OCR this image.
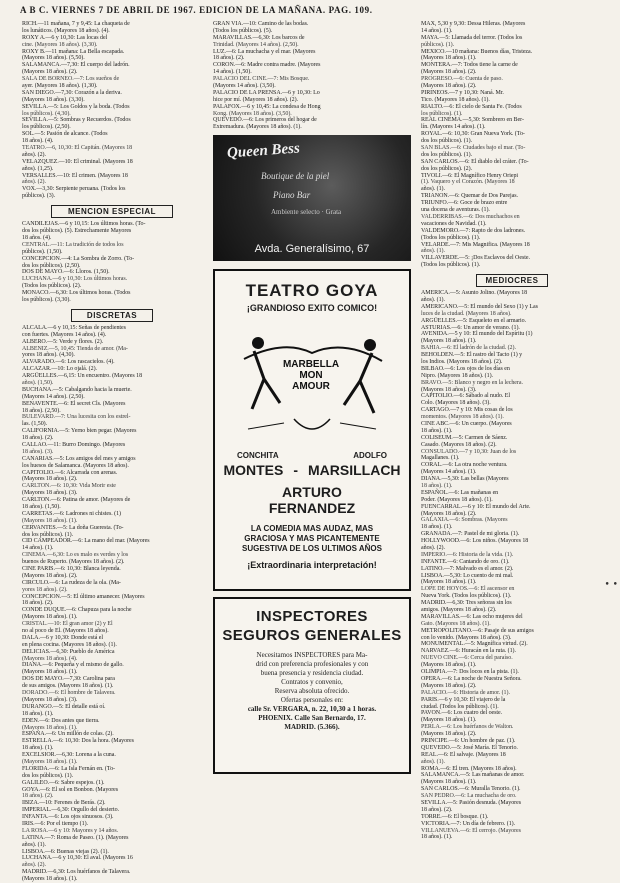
A B C. VIERNES 7 DE ABRIL DE 1967. EDICION DE LA MAÑANA. PAG. 109.
RICH.—11 mañana, 7 y 9,45: La chaqueta de
los lunáticos. (Mayores 18 años). (4).
ROXY A.—6 y 10,30: Las locas del
cine. (Mayores 18 años). (3,30).
ROXY B.—11 mañana: La Bella escapada.
(Mayores 18 años). (5,50).
SALAMANCA.—7,30: El cuerpo del ladrón.
(Mayores 18 años). (2).
SALA DE BORNEO.—7: Los sueños de
ayer. (Mayores 18 años). (1,30).
SAN DIEGO.—7,30: Corazón a la deriva.
(Mayores 18 años). (3,30).
SEVILLA.—5: Los Goldos y la boda. (Todos
los públicos). (4,30).
SEVILLA.—5: Sombras y Recuerdos. (Todos
los públicos). (2,50).
SOL.—5: Pasión de alcance. (Todos
18 años). (4).
TEATRO.—6, 10,30: El Capitán. (Mayores 18
años). (2).
VELAZQUEZ.—10: El criminal. (Mayores 18
años). (1,25).
VERSALLES.—10: El crimen. (Mayores 18
años). (2).
VOX.—3,30: Serpiente peruana. (Todos los
públicos). (3).
MENCION ESPECIAL
CANDILEJAS.—6 y 10,15: Los últimos horas. (To-
dos los públicos). (5). Estrechamente Mayores
18 años. (4).
CENTRAL.—11: La tradición de todos los
públicos). (1,50).
CONCEPCION.—4: La Sombra de Zorro. (To-
dos los públicos). (2,50).
DOS DE MAYO.—6: Lloros. (1,50).
LUCHANA.—6 y 10,30: Los últimos horas.
(Todos los públicos). (2).
MONACO.—6,30: Los últimos horas. (Todos
los públicos). (3,30).
DISCRETAS
ALCALA.—6 y 10,15: Señas de pendientes
con fuertes. (Mayores 14 años). (4).
ALBERO.—5: Verde y flores. (2).
ALBENIZ.—5, 10,45: Tienda de amor. (Ma-
yores 18 años). (4,30).
ALVARADO.—6: Los rascacielos. (4).
ALCAZAR.—10: Lo ojalá. (2).
ARGÜELLES.—6,15: Un encuentro. (Mayores 18
años). (1,50).
BUCHANA.—5: Cabalgando hacia la muerte.
(Mayores 14 años). (2,50).
BENAVENTE.—6: El secret Cls. (Mayores
18 años). (2,50).
BULEVARD.—7: Una lucesita con los estrel-
las. (1,50).
CALIFORNIA.—5: Yerno bien pegar. (Mayores
18 años). (2).
CALLAO.—11: Burro Domingo. (Mayores
18 años). (3).
CANARIAS.—5: Los amigos del mes y amigos
los huesos de Salamanca. (Mayores 18 años).
CAPITOLIO.—6: Alcarrada con arenas.
(Mayores 18 años). (2).
CARLTON.—6: 10,30: Vida Morir este
(Mayores 18 años). (3).
CARLTON.—6: Patina de amor. (Mayores de
18 años). (1,50).
CARRETAS.—6: Ladrones ni chistes. (1)
(Mayores 18 años). (1).
CERVANTES.—5: La doña Gueresta. (To-
dos los públicos). (1).
CID CAMPEADOR.—6: La mano del mar. (Mayores
14 años). (1).
CINEMA.—6,30: Lo es malo es verdes y los
buenos de Ruperto. (Mayores 18 años). (2).
CINE PARIS.—6: 10,30: Blanca leyenda.
(Mayores 18 años). (2).
CIRCULO.—6: La rudeza de la ola. (Ma-
yores 18 años). (2).
CONCEPCION.—5: El último amanecer. (Mayores
18 años). (2).
CONDE DUQUE.—6: Chapuza para la noche
(Mayores 18 años). (1).
CRISTAL.—10: El gran amor (2) y El
no al poco de El. (Mayores 18 años).
DALA.—6 y 10,30: Donde está el
en plena cocina. (Mayores 18 años). (1).
DELICIAS.—6,30: Pueblo de América
(Mayores 18 años). (4).
DIANA.—6: Pequeña y el mismo de gallo.
(Mayores 18 años). (1).
DOS DE MAYO.—7,30: Carolina para
de sus amigos. (Mayores 18 años). (1).
DORADO.—6: El hombre de Talavera.
(Mayores 18 años). (3).
DURANGO.—5: El detalle está oí.
18 años). (1).
EDEN.—6: Dos antes que tierra.
(Mayores 18 años). (1).
ESPAÑA.—6: Un millón de colas. (2).
ESTRELLA.—6: 10,30: Dos la hora. (Mayores
18 años). (1).
EXCELSIOR.—6,30: Lorena a la cuna.
(Mayores 18 años). (1).
FLORIDA.—6: La Isla Fernán en. (To-
dos los públicos). (1).
GALILEO.—6: Sabre espejos. (1).
GOYA.—6: El sol en Bonbon. (Mayores
18 años). (2).
IBIZA.—10: Ferenes de Berás. (2).
IMPERIAL.—6,30: Orgullo del desierto.
INFANTA.—6: Los ojos sinuosos. (3).
IRIS.—6: Por el tiempo (1).
LA ROSA.—6 y 10: Mayores y 14 años.
LATINA.—7: Roma de Paseo. (1). (Mayores
años). (1).
LISBOA.—6: Buenas viejas (2). (1).
LUCHANA.—6 y 10,30: El aval. (Mayores 16
años). (2).
MADRID.—6,30: Los huérfanos de Talavera.
(Mayores 18 años). (1).
GRAN VIA.—10: Camino de las bodas.
(Todos los públicos). (5).
MARAVILLAS.—6,30: Los barcos de
Trinidad. (Mayores 14 años). (2,50).
LUZ.—6: La muchacha y el mar. (Mayores
18 años). (2).
CORON.—6: Madre contra madre. (Mayores
14 años). (1,50).
PALACIO DEL CINE.—7: Mis Bosque.
(Mayores 14 años). (3,50).
PALACIO DE LA PRENSA.—6 y 10,30: Lo
hice por mí. (Mayores 18 años). (2).
PALAFOX.—6 y 10,45: La condesa de Hong
Kong. (Mayores 18 años). (3,50).
QUEVEDO.—6: Los primeros del hogar de
Extremadura. (Mayores 18 años). (1).
Queen Bess
Boutique de la piel
Piano Bar
Ambiente selecto · Grata
Avda. Generalísimo, 67
TEATRO GOYA
¡GRANDIOSO EXITO COMICO!
MARBELLA
MON
AMOUR
CONCHITA	ADOLFO
MONTES - MARSILLACH
ARTURO
FERNANDEZ
LA COMEDIA MAS AUDAZ, MAS
GRACIOSA Y MAS PICANTEMENTE
SUGESTIVA DE LOS ULTIMOS AÑOS
¡Extraordinaria interpretación!
INSPECTORES
SEGUROS GENERALES
Necesitamos INSPECTORES para Ma-
drid con preferencia profesionales y con
buena presencia y residencia ciudad.
Contratos y convenio,
Reserva absoluta ofrecido.
Ofertas personales en:
calle Sr. VERGARA, n. 22, 10,30 a 1 horas.
PHOENIX. Calle San Bernardo, 17.
MADRID. (5.366).
MAX, 5,30 y 9,30: Dessa Hileras. (Mayores
14 años). (1).
MAYA.—5: Llamada del terror. (Todos los
públicos). (1).
MEXICO.—10 mañana: Buenos días, Tristeza.
(Mayores 18 años). (1).
MONTERA.—7: Todos tiene la carne de
(Mayores 18 años). (2).
PROGRESO.—6: Cuenta de paso.
(Mayores 18 años). (2).
PIRINEOS.—7 y 10,30: Naná. Mr.
Tico. (Mayores 18 años). (1).
RIALTO.—6: El cielo de Santa Fe. (Todos
los públicos). (1).
REAL CINEMA.—5,30: Sombrero en Ber-
lín. (Mayores 14 años). (1).
ROYAL.—6: 10,30: Gran Nueva York. (To-
dos los públicos). (1).
SAN BLAS.—6: Ciudades bajo el mar. (To-
dos los públicos). (1).
SAN CARLOS.—6: El diablo del cráter. (To-
dos los públicos). (2).
TIVOLI.—6: El Magnífico Henry Oriepi
(1). Vaquero y el Corazón. (Mayores 18
años). (1).
TRIANON.—6: Quemar de Dos Parejas.
TRIUNFO.—6: Goce de brazo entre
una docena de aventuras. (1).
VALDERRIBAS.—6: Dos muchachos en
vacaciones de Navidad. (1).
VALDEMORO.—7: Rapto de dos ladrones.
(Todos los públicos). (1).
VELARDE.—7: Mis Magnifica. (Mayores 18
años). (1).
VILLAVERDE.—5: ¡Dos Esclavos del Oeste.
(Todos los públicos). (1).
MEDIOCRES
AMERICA.—5: Asunto Jolino. (Mayores 18
años). (1).
AMERICANO.—5: El mundo del Sexo (1) y Las
luces de la ciudad. (Mayores 18 años).
ARGÜELLES.—5: Esqueleto en el armario.
ASTURIAS.—6: Un amor de verano. (1).
AVENIDA.—5 y 10: El mundo del Espíritu (1)
(Mayores 18 años). (1).
BAHIA.—6: El ladrón de la ciudad. (2).
BEHOLDEN.—5: El rastro del Tacto (1) y
los Indios. (Mayores 18 años). (2).
BILBAO.—6: Los ojos de los días en
Nipro. (Mayores 18 años). (1).
BRAVO.—5: Blanco y negro en la lechera.
(Mayores 18 años). (3).
CAPITOLIO.—6: Sábado al nudo. El
Colo. (Mayores 18 años). (3).
CARTAGO.—7 y 10: Mis cosas de los
momentos. (Mayores 18 años). (1).
CINE ABC.—6: Un cuerpo. (Mayores
18 años). (1).
COLISEUM.—5: Carmen de Sáenz.
Casado. (Mayores 18 años). (2).
CONSULADO.—7 y 10,30: Juan de los
Magallanes. (1).
CORAL.—6: La otra noche ventura.
(Mayores 14 años). (1).
DIANA.—5,30: Las bellas (Mayores
18 años). (1).
ESPAÑOL.—6: Las mañanas en
Poder. (Mayores 18 años). (1).
FUENCARRAL.—6 y 10: El mundo del Arte.
(Mayores 18 años). (2).
GALAXIA.—6: Sombras. (Mayores
18 años). (1).
GRANADA.—7: Pastel de mi gloria. (1).
HOLLYWOOD.—6: Los niños. (Mayores 18
años). (2).
IMPERIO.—6: Historia de la vida. (1).
INFANTE.—6: Cantando de oro. (1).
LATINO.—7: Malvado es el amor. (2).
LISBOA.—5,30: Lo cuento de mi mal.
(Mayores 18 años). (1).
LOPE DE HOYOS.—6: El ascensor en
Nueva York. (Todos los públicos). (1).
MADRID.—6,30: Tres señoras sin los
amigos. (Mayores 18 años). (2).
MARAVILLAS.—6: Las ocho mujeres del
Gato. (Mayores 18 años). (1).
METROPOLITANO.—6: Pasaje de sus amigos
con lo venido. (Mayores 18 años). (3).
MONUMENTAL.—5: Magnífica virtud. (2).
NARVAEZ.—6: Huracán en la ruta. (1).
NUEVO CINE.—6: Cerca del paraíso.
(Mayores 18 años). (1).
OLIMPIA.—7: Dos locos en la pista. (1).
OPERA.—6: La noche de Nuestra Señora.
(Mayores 18 años). (2).
PALACIO.—6: Historia de amor. (1).
PARIS.—6 y 10,30: El viajero de la
ciudad. (Todos los públicos). (1).
PAVON.—6: Los cuatro del oeste.
(Mayores 18 años). (1).
PERLA.—6: Los huérfanos de Walton.
(Mayores 18 años). (2).
PRINCIPE.—6: Un hombre de paz. (1).
QUEVEDO.—5: José María. El Tenorio.
REAL.—6: El salvaje. (Mayores 18
años). (1).
ROMA.—6: El tren. (Mayores 18 años).
SALAMANCA.—5: Las mañanas de amor.
(Mayores 18 años). (1).
SAN CARLOS.—6: Muralla Tenorio. (1).
SAN PEDRO.—6: La muchacha de oro.
SEVILLA.—5: Pasión desnuda. (Mayores
18 años). (2).
TORRE.—6: El bosque. (1).
VICTORIA.—7: Un día de febrero. (1).
VILLANUEVA.—6: El cerrojo. (Mayores
18 años). (1).
• •
